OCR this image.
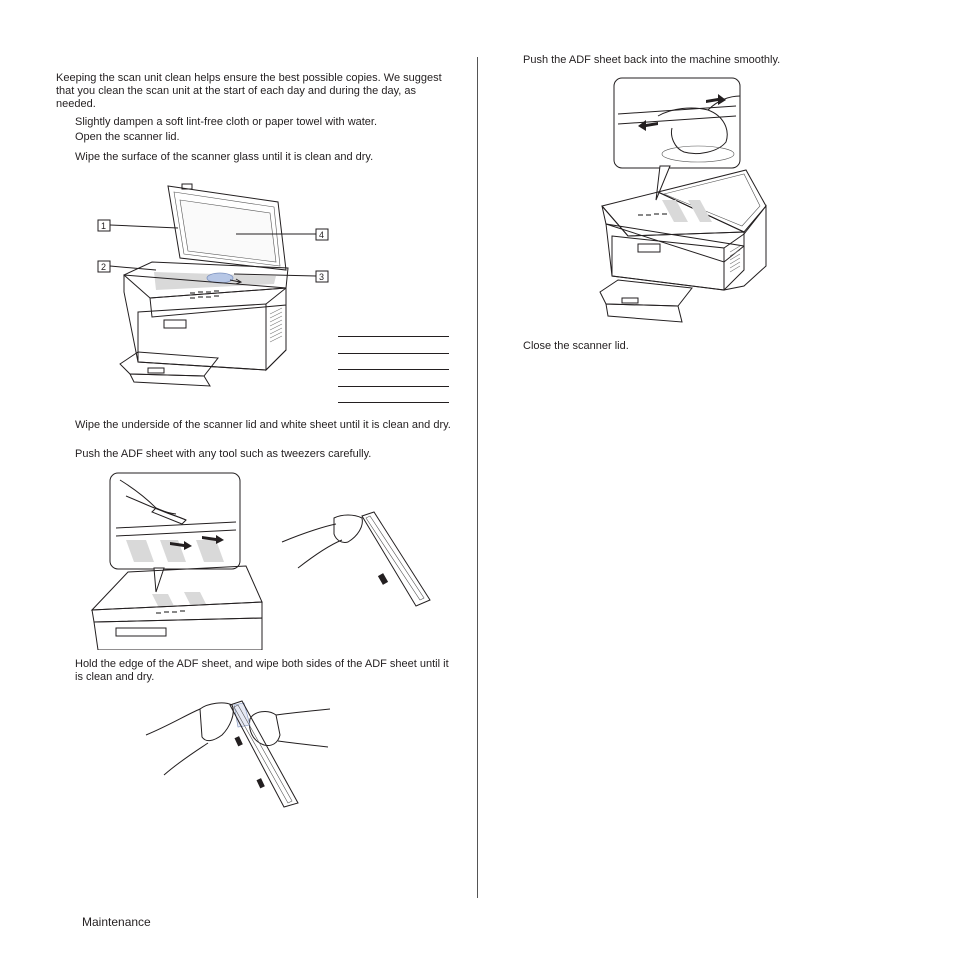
Keeping the scan unit clean helps ensure the best possible copies. We suggest that you clean the scan unit at the start of each day and during the day, as needed.
Slightly dampen a soft lint-free cloth or paper towel with water.
Open the scanner lid.
Wipe the surface of the scanner glass until it is clean and dry.
1
2
3
4
Wipe the underside of the scanner lid and white sheet until it is clean and dry.
Push the ADF sheet with any tool such as tweezers carefully.
Hold the edge of the ADF sheet, and wipe both sides of the ADF sheet until it is clean and dry.
Push the ADF sheet back into the machine smoothly.
Close the scanner lid.
Maintenance
